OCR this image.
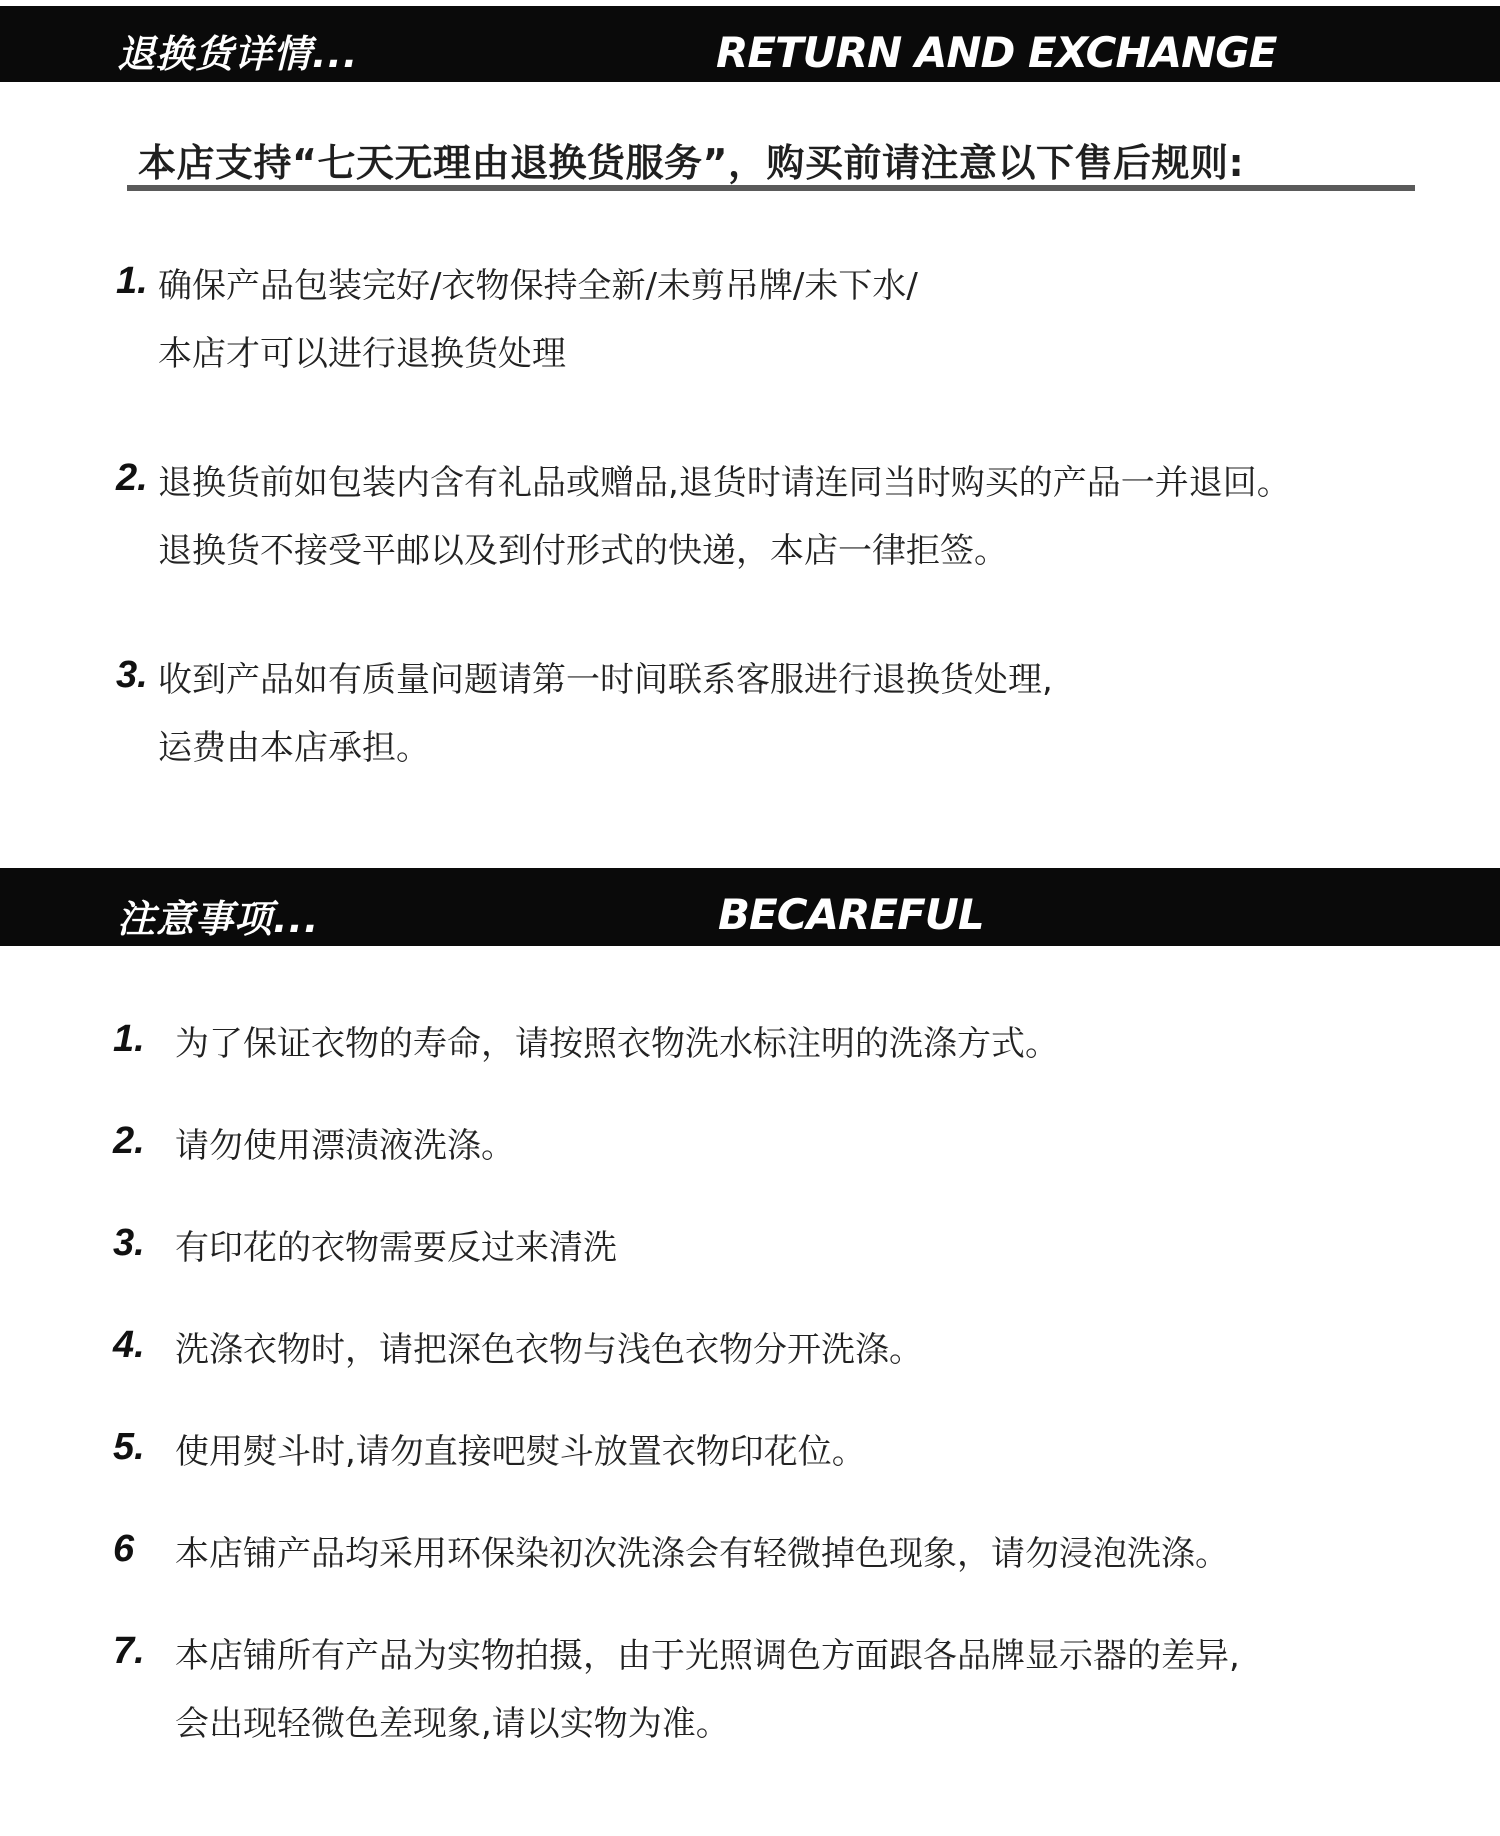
退换货详情...	RETURN AND EXCHANGE
本店支持“七天无理由退换货服务”，购买前请注意以下售后规则:
1. 确保产品包装完好/衣物保持全新/未剪吊牌/未下水/
本店才可以进行退换货处理
2. 退换货前如包装内含有礼品或赠品,退货时请连同当时购买的产品一并退回。
退换货不接受平邮以及到付形式的快递，本店一律拒签。
3. 收到产品如有质量问题请第一时间联系客服进行退换货处理,
运费由本店承担。
注意事项...	BECAREFUL
1. 为了保证衣物的寿命，请按照衣物洗水标注明的洗涤方式。
2. 请勿使用漂渍液洗涤。
3. 有印花的衣物需要反过来清洗
4. 洗涤衣物时，请把深色衣物与浅色衣物分开洗涤。
5. 使用熨斗时,请勿直接吧熨斗放置衣物印花位。
6 本店铺产品均采用环保染初次洗涤会有轻微掉色现象，请勿浸泡洗涤。
7. 本店铺所有产品为实物拍摄，由于光照调色方面跟各品牌显示器的差异,
会出现轻微色差现象,请以实物为准。
